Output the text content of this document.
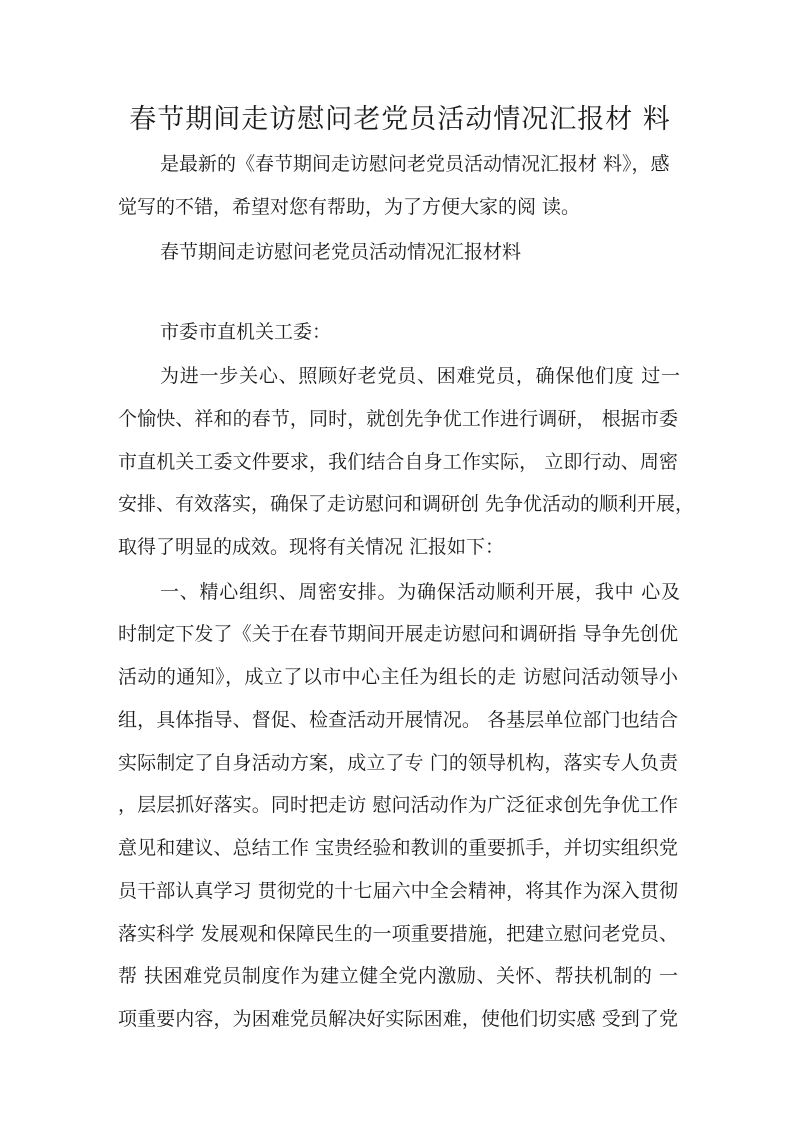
春节期间走访慰问老党员活动情况汇报材 料

是最新的《春节期间走访慰问老党员活动情况汇报材 料》，感

觉写的不错，希望对您有帮助，为了方便大家的阅 读。

春节期间走访慰问老党员活动情况汇报材料

市委市直机关工委：

为进一步关心、照顾好老党员、困难党员，确保他们度 过一

个愉快、祥和的春节，同时，就创先争优工作进行调研， 根据市委

市直机关工委文件要求，我们结合自身工作实际， 立即行动、周密

安排、有效落实，确保了走访慰问和调研创 先争优活动的顺利开展，

取得了明显的成效。现将有关情况 汇报如下：

一、精心组织、周密安排。为确保活动顺利开展，我中 心及

时制定下发了《关于在春节期间开展走访慰问和调研指 导争先创优

活动的通知》，成立了以市中心主任为组长的走 访慰问活动领导小

组，具体指导、督促、检查活动开展情况。 各基层单位部门也结合

实际制定了自身活动方案，成立了专 门的领导机构，落实专人负责

，层层抓好落实。同时把走访 慰问活动作为广泛征求创先争优工作

意见和建议、总结工作 宝贵经验和教训的重要抓手，并切实组织党

员干部认真学习 贯彻党的十七届六中全会精神，将其作为深入贯彻

落实科学 发展观和保障民生的一项重要措施，把建立慰问老党员、

帮 扶困难党员制度作为建立健全党内激励、关怀、帮扶机制的 一

项重要内容，为困难党员解决好实际困难，使他们切实感 受到了党
